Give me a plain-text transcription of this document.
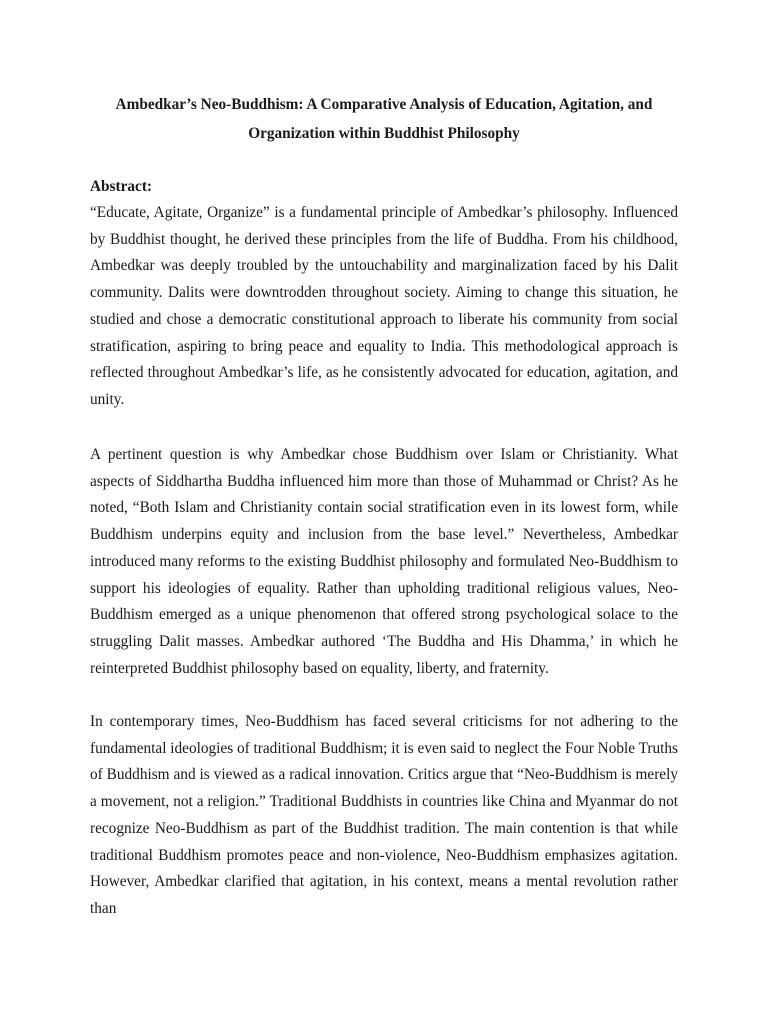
Ambedkar’s Neo-Buddhism: A Comparative Analysis of Education, Agitation, and Organization within Buddhist Philosophy
Abstract:

“Educate, Agitate, Organize” is a fundamental principle of Ambedkar’s philosophy. Influenced by Buddhist thought, he derived these principles from the life of Buddha. From his childhood, Ambedkar was deeply troubled by the untouchability and marginalization faced by his Dalit community. Dalits were downtrodden throughout society. Aiming to change this situation, he studied and chose a democratic constitutional approach to liberate his community from social stratification, aspiring to bring peace and equality to India. This methodological approach is reflected throughout Ambedkar’s life, as he consistently advocated for education, agitation, and unity.

A pertinent question is why Ambedkar chose Buddhism over Islam or Christianity. What aspects of Siddhartha Buddha influenced him more than those of Muhammad or Christ? As he noted, “Both Islam and Christianity contain social stratification even in its lowest form, while Buddhism underpins equity and inclusion from the base level.” Nevertheless, Ambedkar introduced many reforms to the existing Buddhist philosophy and formulated Neo-Buddhism to support his ideologies of equality. Rather than upholding traditional religious values, Neo-Buddhism emerged as a unique phenomenon that offered strong psychological solace to the struggling Dalit masses. Ambedkar authored ‘The Buddha and His Dhamma,’ in which he reinterpreted Buddhist philosophy based on equality, liberty, and fraternity.

In contemporary times, Neo-Buddhism has faced several criticisms for not adhering to the fundamental ideologies of traditional Buddhism; it is even said to neglect the Four Noble Truths of Buddhism and is viewed as a radical innovation. Critics argue that “Neo-Buddhism is merely a movement, not a religion.” Traditional Buddhists in countries like China and Myanmar do not recognize Neo-Buddhism as part of the Buddhist tradition. The main contention is that while traditional Buddhism promotes peace and non-violence, Neo-Buddhism emphasizes agitation. However, Ambedkar clarified that agitation, in his context, means a mental revolution rather than
